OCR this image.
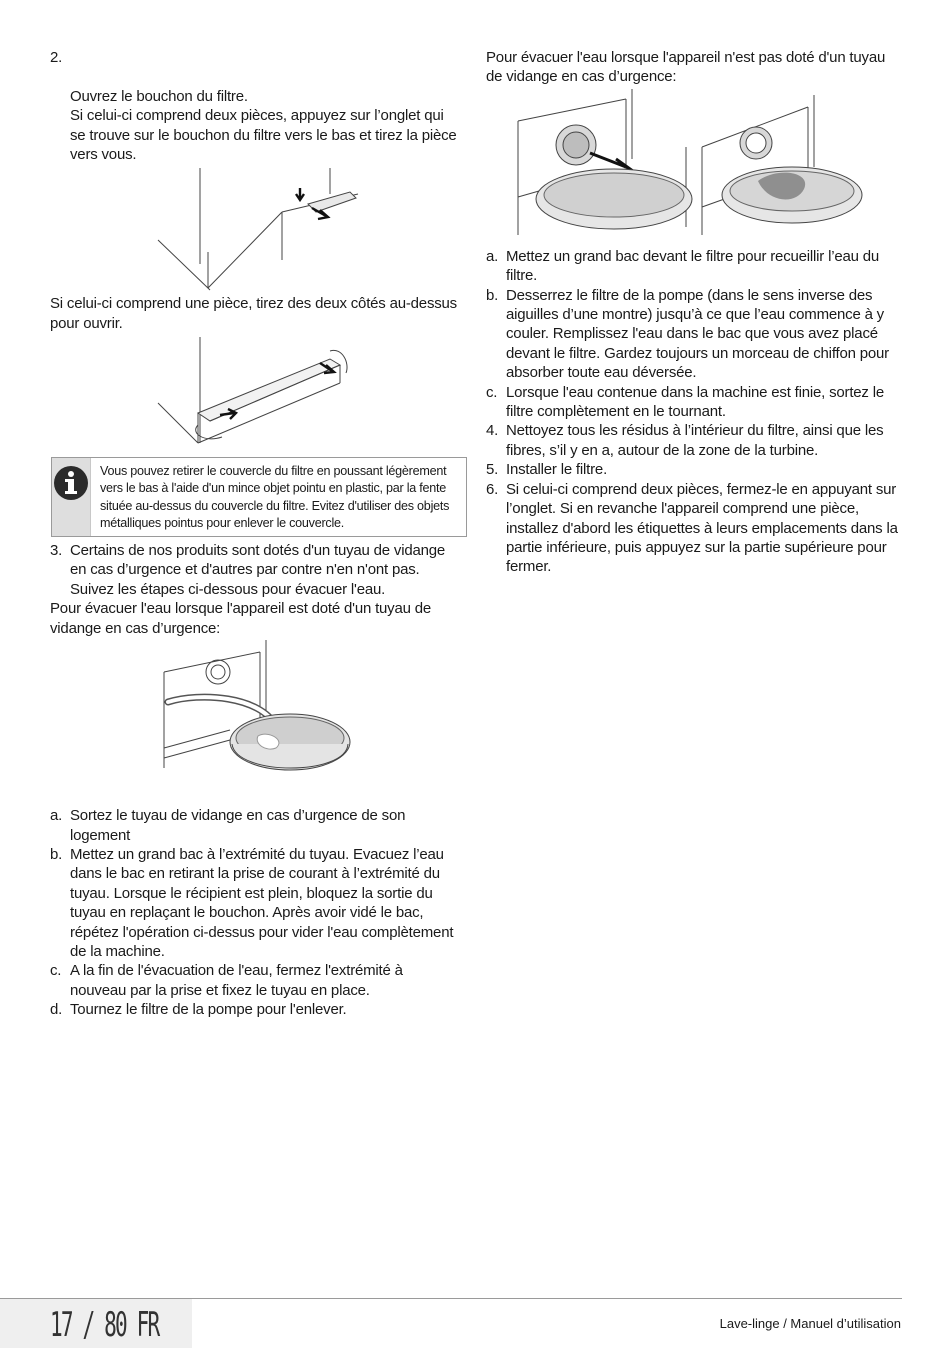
2.

Ouvrez le bouchon du filtre.
Si celui-ci comprend deux pièces, appuyez sur l’onglet qui se trouve sur le bouchon du filtre vers le bas et tirez la pièce vers vous.

Si celui-ci comprend une pièce, tirez des deux côtés au-dessus pour ouvrir.
Vous pouvez retirer le couvercle du filtre en poussant légèrement vers le bas à l'aide d'un mince objet pointu en plastic, par la fente située au-dessus du couvercle du filtre. Evitez d'utiliser des objets métalliques pointus pour enlever le couvercle.
3. Certains de nos produits sont dotés d'un tuyau de vidange en cas d’urgence et d'autres par contre n'en n'ont pas. Suivez les étapes ci-dessous pour évacuer l'eau.
Pour évacuer l'eau lorsque l'appareil est doté d'un tuyau de vidange en cas d’urgence:
a. Sortez le tuyau de vidange en cas d’urgence de son logement
b. Mettez un grand bac à l’extrémité du tuyau. Evacuez l’eau dans le bac en retirant la prise de courant à l’extrémité du tuyau. Lorsque le récipient est plein, bloquez la sortie du tuyau en replaçant le bouchon. Après avoir vidé le bac, répétez l'opération ci-dessus pour vider l'eau complètement de la machine.
c. A la fin de l'évacuation de l'eau, fermez l'extrémité à nouveau par la prise et fixez le tuyau en place.
d. Tournez le filtre de la pompe pour l'enlever.
Pour évacuer l'eau lorsque l'appareil n'est pas doté d'un tuyau de vidange en cas d’urgence:
a. Mettez un grand bac devant le filtre pour recueillir l’eau du filtre.
b. Desserrez le filtre de la pompe (dans le sens inverse des aiguilles d’une montre) jusqu’à ce que l’eau commence à y couler. Remplissez l'eau dans le bac que vous avez placé devant le filtre. Gardez toujours un morceau de chiffon pour absorber toute eau déversée.
c. Lorsque l'eau contenue dans la machine est finie, sortez le filtre complètement en le tournant.
4. Nettoyez tous les résidus à l’intérieur du filtre, ainsi que les fibres, s’il y en a, autour de la zone de la turbine.
5. Installer le filtre.
6. Si celui-ci comprend deux pièces, fermez-le en appuyant sur l’onglet. Si en revanche l'appareil comprend une pièce, installez d'abord les étiquettes à leurs emplacements dans la partie inférieure, puis appuyez sur la partie supérieure pour fermer.
17 / 80 FR	Lave-linge / Manuel d’utilisation
